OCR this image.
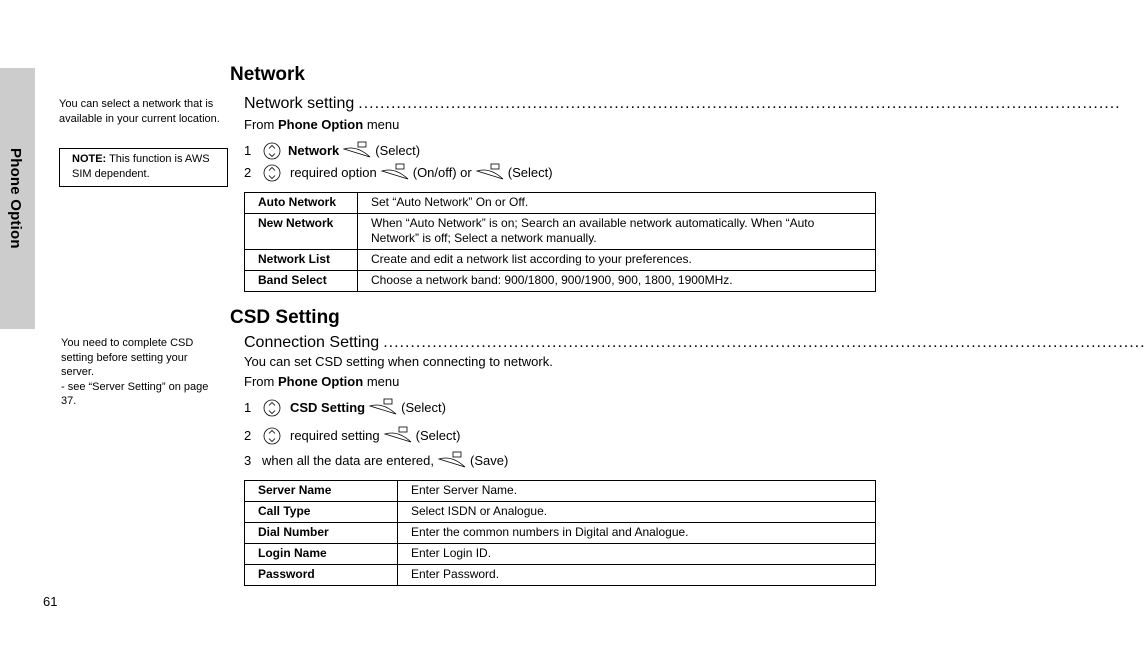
Phone Option
You can select a network that is available in your current location.
NOTE: This function is AWS SIM dependent.
You need to complete CSD setting before setting your server.
- see “Server Setting” on page 37.
Network
Network setting ............................................................................................................................................
From
Phone Option
menu
1	Network	(Select)
2	required option	(On/off) or	(Select)
Auto Network	Set “Auto Network” On or Off.
New Network	When “Auto Network” is on; Search an available network automatically. When “Auto Network” is off; Select a network manually.
Network List	Create and edit a network list according to your preferences.
Band Select	Choose a network band: 900/1800, 900/1900, 900, 1800, 1900MHz.
CSD Setting
Connection Setting ............................................................................................................................................
You can set CSD setting when connecting to network.
From
Phone Option
menu
1	CSD Setting	(Select)
2	required setting	(Select)
3 when all the data are entered,	(Save)
Server Name	Enter Server Name.
Call Type	Select ISDN or Analogue.
Dial Number	Enter the common numbers in Digital and Analogue.
Login Name	Enter Login ID.
Password	Enter Password.
61
